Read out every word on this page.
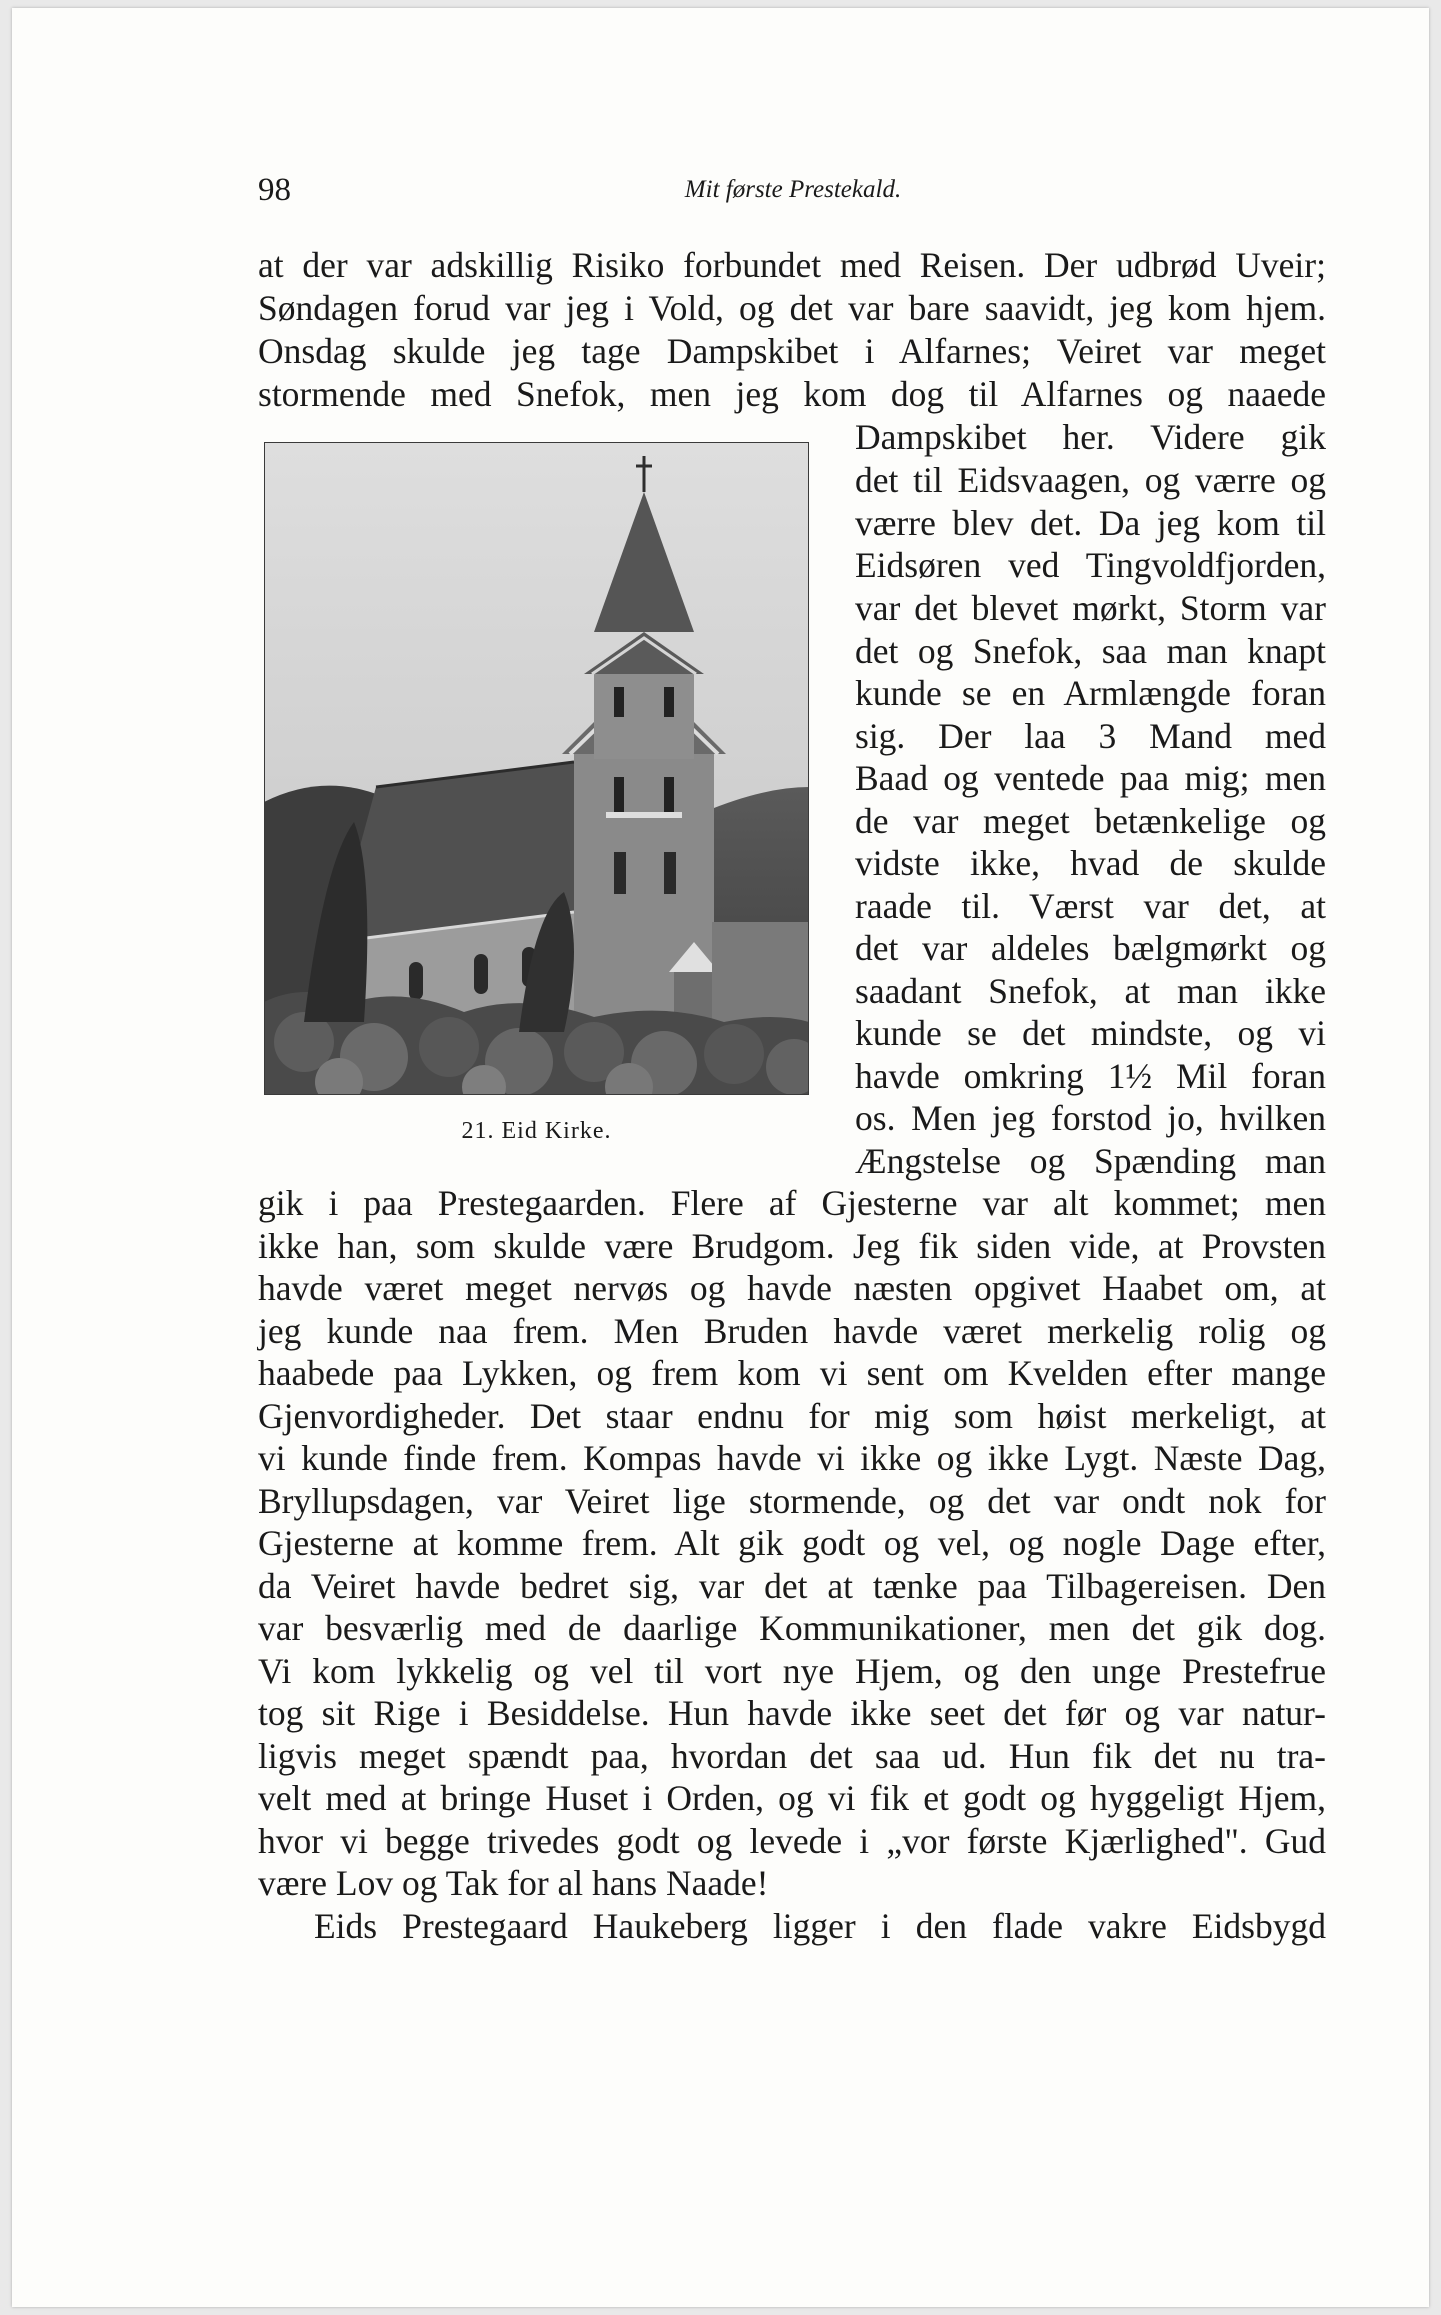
98	Mit første Prestekald.
at der var adskillig Risiko forbundet med Reisen. Der udbrød Uveir;
Søndagen forud var jeg i Vold, og det var bare saavidt, jeg kom hjem.
Onsdag skulde jeg tage Dampskibet i Alfarnes; Veiret var meget
stormende med Snefok, men jeg kom dog til Alfarnes og naaede
Dampskibet her. Videre gik
det til Eidsvaagen, og værre og
værre blev det. Da jeg kom til
Eidsøren ved Tingvoldfjorden,
var det blevet mørkt, Storm var
det og Snefok, saa man knapt
kunde se en Armlængde foran
sig. Der laa 3 Mand med
Baad og ventede paa mig; men
de var meget betænkelige og
vidste ikke, hvad de skulde
raade til. Værst var det, at
det var aldeles bælgmørkt og
saadant Snefok, at man ikke
kunde se det mindste, og vi
havde omkring 1½ Mil foran
os. Men jeg forstod jo, hvilken
Ængstelse og Spænding man
gik i paa Prestegaarden. Flere af Gjesterne var alt kommet; men
ikke han, som skulde være Brudgom. Jeg fik siden vide, at Provsten
havde været meget nervøs og havde næsten opgivet Haabet om, at
jeg kunde naa frem. Men Bruden havde været merkelig rolig og
haabede paa Lykken, og frem kom vi sent om Kvelden efter mange
Gjenvordigheder. Det staar endnu for mig som høist merkeligt, at
vi kunde finde frem. Kompas havde vi ikke og ikke Lygt. Næste Dag,
Bryllupsdagen, var Veiret lige stormende, og det var ondt nok for
Gjesterne at komme frem. Alt gik godt og vel, og nogle Dage efter,
da Veiret havde bedret sig, var det at tænke paa Tilbagereisen. Den
var besværlig med de daarlige Kommunikationer, men det gik dog.
Vi kom lykkelig og vel til vort nye Hjem, og den unge Prestefrue
tog sit Rige i Besiddelse. Hun havde ikke seet det før og var natur-
ligvis meget spændt paa, hvordan det saa ud. Hun fik det nu tra-
velt med at bringe Huset i Orden, og vi fik et godt og hyggeligt Hjem,
hvor vi begge trivedes godt og levede i „vor første Kjærlighed". Gud
være Lov og Tak for al hans Naade!
Eids Prestegaard Haukeberg ligger i den flade vakre Eidsbygd
21. Eid Kirke.
